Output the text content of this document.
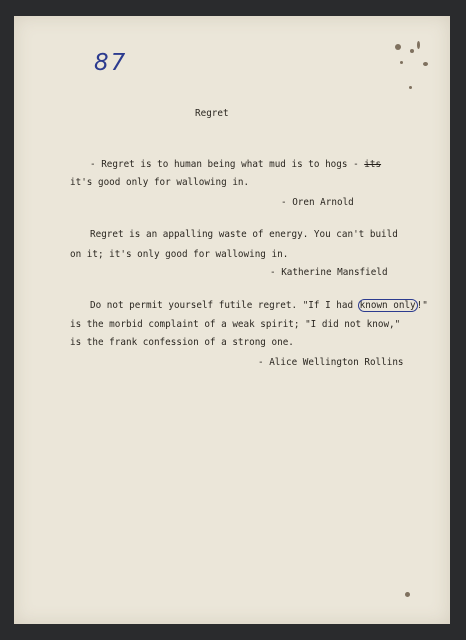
87
Regret
- Regret is to human being what mud is to hogs - its
it's good only for wallowing in.
- Oren Arnold
Regret is an appalling waste of energy. You can't build
on it; it's only good for wallowing in.
- Katherine Mansfield
Do not permit yourself futile regret. "If I had known only!"
is the morbid complaint of a weak spirit; "I did not know,"
is the frank confession of a strong one.
- Alice Wellington Rollins
